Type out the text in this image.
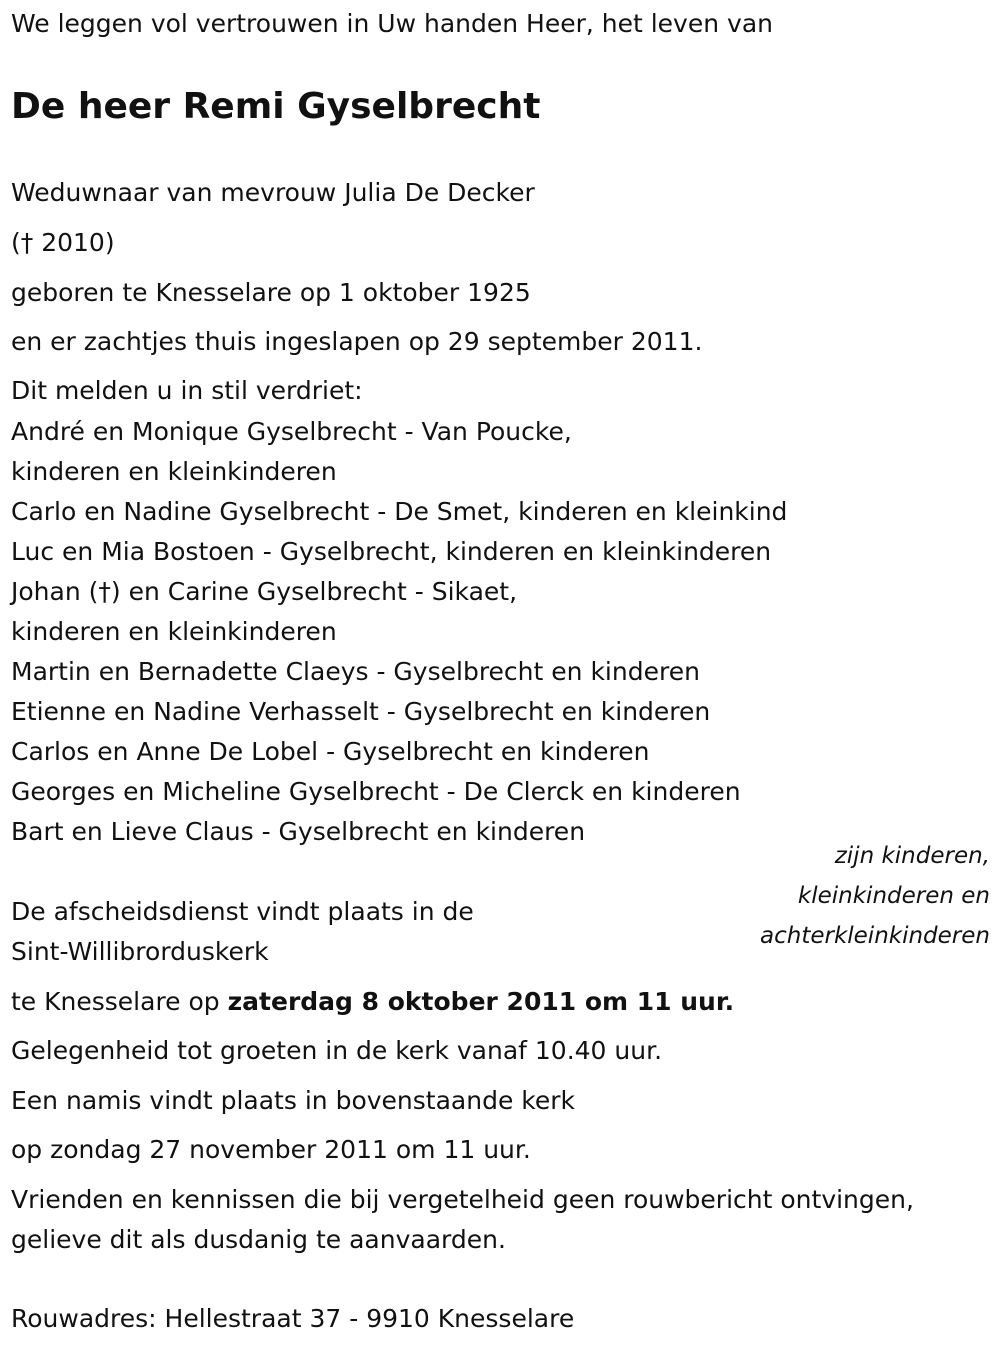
We leggen vol vertrouwen in Uw handen Heer, het leven van
De heer Remi Gyselbrecht
Weduwnaar van mevrouw Julia De Decker
(† 2010)
geboren te Knesselare op 1 oktober 1925
en er zachtjes thuis ingeslapen op 29 september 2011.
Dit melden u in stil verdriet:
André en Monique Gyselbrecht - Van Poucke,
kinderen en kleinkinderen
Carlo en Nadine Gyselbrecht - De Smet, kinderen en kleinkind
Luc en Mia Bostoen - Gyselbrecht, kinderen en kleinkinderen
Johan (†) en Carine Gyselbrecht - Sikaet,
kinderen en kleinkinderen
Martin en Bernadette Claeys - Gyselbrecht en kinderen
Etienne en Nadine Verhasselt - Gyselbrecht en kinderen
Carlos en Anne De Lobel - Gyselbrecht en kinderen
Georges en Micheline Gyselbrecht - De Clerck en kinderen
Bart en Lieve Claus - Gyselbrecht en kinderen
zijn kinderen,
kleinkinderen en
achterkleinkinderen
De afscheidsdienst vindt plaats in de
Sint-Willibrorduskerk
te Knesselare op zaterdag 8 oktober 2011 om 11 uur.
Gelegenheid tot groeten in de kerk vanaf 10.40 uur.
Een namis vindt plaats in bovenstaande kerk
op zondag 27 november 2011 om 11 uur.
Vrienden en kennissen die bij vergetelheid geen rouwbericht ontvingen,
gelieve dit als dusdanig te aanvaarden.
Rouwadres: Hellestraat 37 - 9910 Knesselare
